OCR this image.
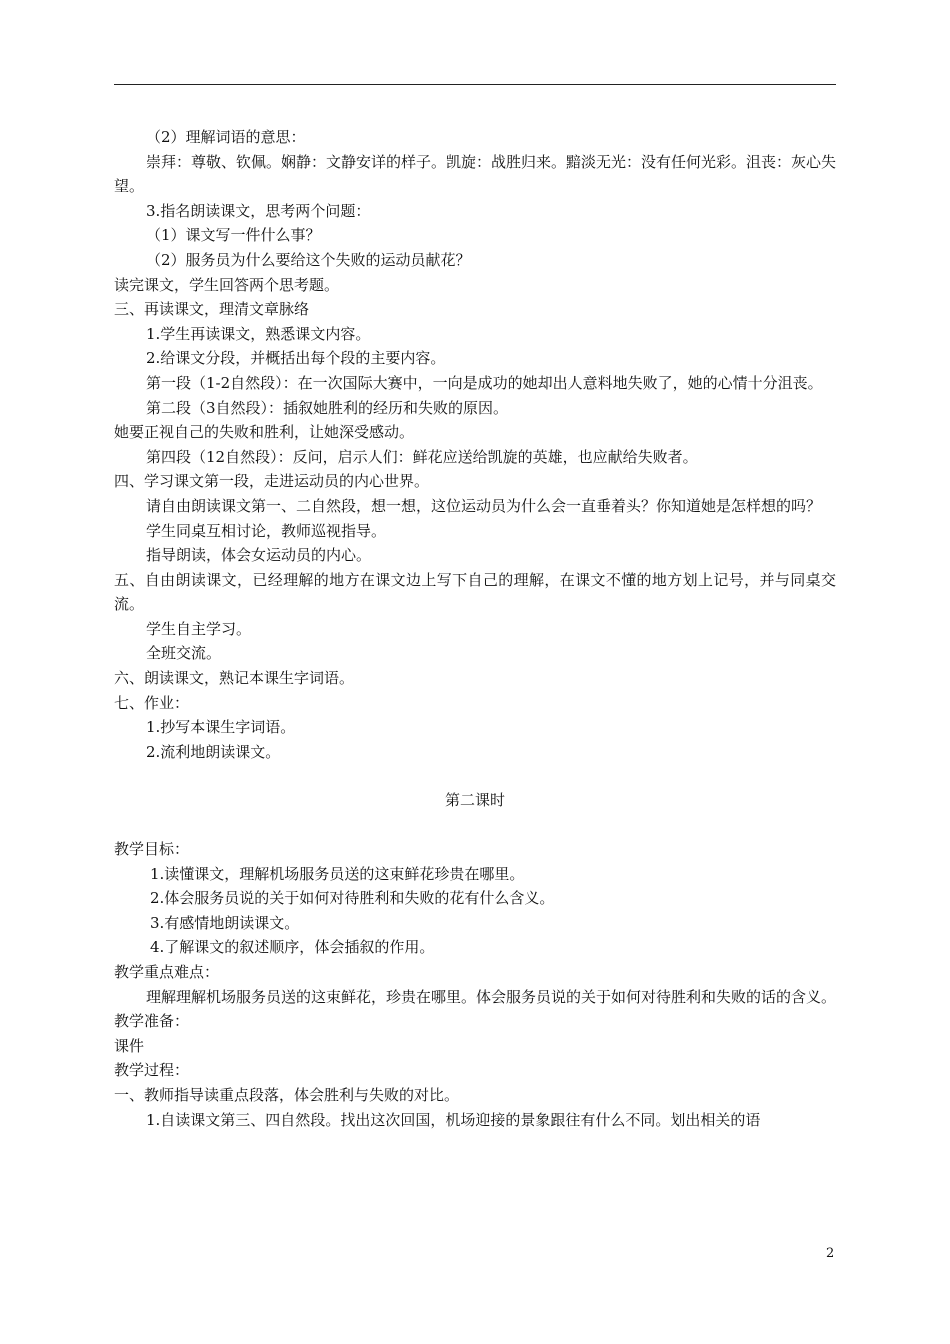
（2）理解词语的意思：
崇拜：尊敬、钦佩。娴静：文静安详的样子。凯旋：战胜归来。黯淡无光：没有任何光彩。沮丧：灰心失望。
3.指名朗读课文，思考两个问题：
（1）课文写一件什么事？
（2）服务员为什么要给这个失败的运动员献花？
读完课文，学生回答两个思考题。
三、再读课文，理清文章脉络
1.学生再读课文，熟悉课文内容。
2.给课文分段，并概括出每个段的主要内容。
第一段（1-2自然段）：在一次国际大赛中，一向是成功的她却出人意料地失败了，她的心情十分沮丧。
第二段（3自然段）：插叙她胜利的经历和失败的原因。
她要正视自己的失败和胜利，让她深受感动。
第四段（12自然段）：反问，启示人们：鲜花应送给凯旋的英雄，也应献给失败者。
四、学习课文第一段，走进运动员的内心世界。
请自由朗读课文第一、二自然段，想一想，这位运动员为什么会一直垂着头？你知道她是怎样想的吗？
学生同桌互相讨论，教师巡视指导。
指导朗读，体会女运动员的内心。
五、自由朗读课文，已经理解的地方在课文边上写下自己的理解，在课文不懂的地方划上记号，并与同桌交流。
学生自主学习。
全班交流。
六、朗读课文，熟记本课生字词语。
七、作业：
1.抄写本课生字词语。
2.流利地朗读课文。
第二课时
教学目标：
1.读懂课文，理解机场服务员送的这束鲜花珍贵在哪里。
2.体会服务员说的关于如何对待胜利和失败的花有什么含义。
3.有感情地朗读课文。
4.了解课文的叙述顺序，体会插叙的作用。
教学重点难点：
理解理解机场服务员送的这束鲜花，珍贵在哪里。体会服务员说的关于如何对待胜利和失败的话的含义。
教学准备：
课件
教学过程：
一、教师指导读重点段落，体会胜利与失败的对比。
1.自读课文第三、四自然段。找出这次回国，机场迎接的景象跟往有什么不同。划出相关的语
2
